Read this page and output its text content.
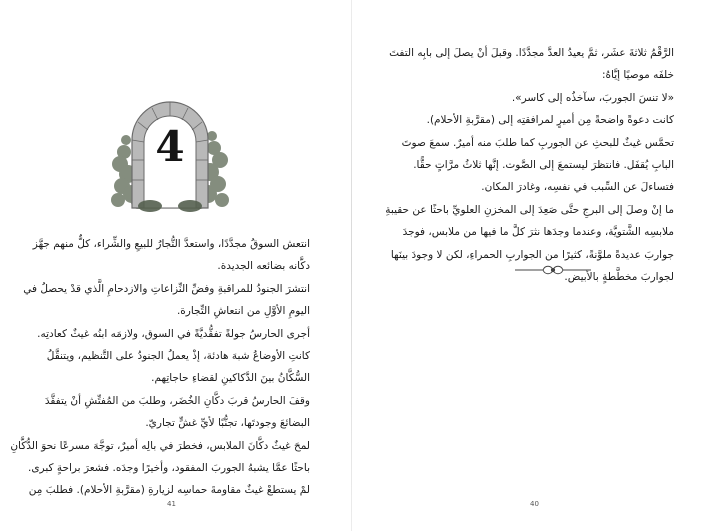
4

انتعش السوقُ مجدَّدًا، واستعدَّ التُّجارُ للبيعِ والشِّراء، كلٌّ منهم جهَّز

دكَّانه بضائعه الجديدة.

انتشرَ الجنودُ للمراقبةِ وفضِّ النِّزاعاتِ والازدحامِ الَّذي قدْ يحصلُ في

اليومِ الأوَّلِ من انتعاشِ التِّجارة.

أجرى الحارسُ جولةً تفقُّديَّةً في السوق، ولازمَه ابنُه غيثٌ كعادتِه.

كانتِ الأوضاعُ شبهَ هادئة، إذْ يعملُ الجنودُ على التَّنظيم، ويتنقَّلُ

السُّكَّانُ بينَ الدَّكاكينِ لقضاءِ حاجاتِهم.

وقفَ الحارسُ قربَ دكَّانِ الخُضَر، وطلبَ من المُفتِّشِ أنْ يتفقَّدَ

البضائعَ وجودتَها، تجنُّبًا لأيِّ غشٍّ تجاريّ.

لمحَ غيثٌ دكَّانَ الملابس، فخطرَ في بالِه أميرٌ، توجَّهَ مسرعًا نحوَ الدُّكَّانِ

باحثًا عمَّا يشبهُ الجوربَ المفقود، وأخيرًا وجدَه. فشعرَ براحةٍ كبرى.

لمْ يستطعْ غيثٌ مقاومةَ حماسِه لزيارةِ (مقرَّبةِ الأحلام). فطلبَ مِن

41

الرَّقْمُ ثلاثةَ عشَر، ثمَّ يعيدُ العدَّ مجدَّدًا. وقبلَ أنْ يصلَ إلى بابِه التفتَ

خلفَه موصيًا إيَّاهُ:

«لا تنسَ الجوربَ، سآخذُه إلى كاسر».

كانت دعوةً واضحةً مِن أميرٍ لمرافقتِه إلى (مقرَّبةِ الأحلام).

تحمَّس غيثٌ للبحثِ عن الجوربِ كما طلبَ منه أميرٌ. سمعَ صوتَ

البابِ يُقفَل. فانتظرَ ليستمعَ إلى الصَّوت. إنَّها ثلاثُ مرَّاتٍ حقًّا.

فتساءلَ عن السِّبب في نفسِه، وغادرَ المكان.

ما إنْ وصلَ إلى البرجِ حتَّى صَعِدَ إلى المخزنِ العلويِّ باحثًا عن حقيبةِ

ملابسِه الشَّتويَّة، وعندما وجدَها نثرَ كلَّ ما فيها من ملابس، فوجدَ

جواربَ عديدةً ملوَّنةً، كثيرًا من الجواربِ الحمراءِ، لكن لا وجودَ بينَها

لجواربَ مخطَّطةٍ بالأبيض.

40
